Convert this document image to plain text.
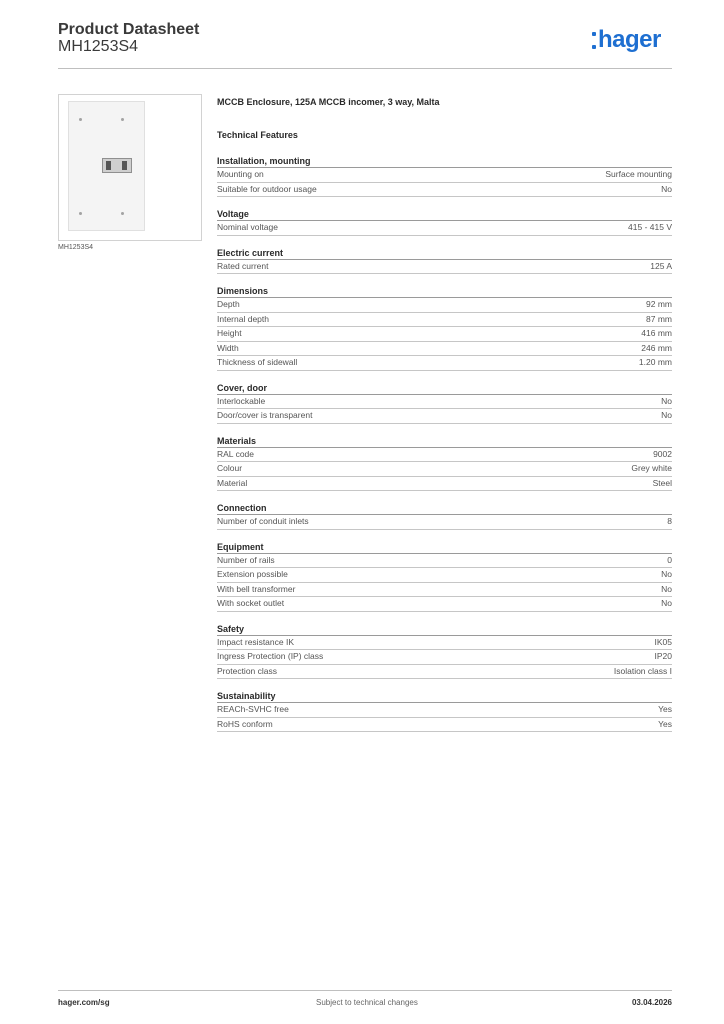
Product Datasheet
MH1253S4	hager
MH1253S4
MCCB Enclosure, 125A MCCB incomer, 3 way, Malta
Technical Features
Installation, mounting
Mounting on	Surface mounting
Suitable for outdoor usage	No
Voltage
Nominal voltage	415 - 415 V
Electric current
Rated current	125 A
Dimensions
Depth	92 mm
Internal depth	87 mm
Height	416 mm
Width	246 mm
Thickness of sidewall	1.20 mm
Cover, door
Interlockable	No
Door/cover is transparent	No
Materials
RAL code	9002
Colour	Grey white
Material	Steel
Connection
Number of conduit inlets	8
Equipment
Number of rails	0
Extension possible	No
With bell transformer	No
With socket outlet	No
Safety
Impact resistance IK	IK05
Ingress Protection (IP) class	IP20
Protection class	Isolation class I
Sustainability
REACh-SVHC free	Yes
RoHS conform	Yes
hager.com/sg	Subject to technical changes	03.04.2026
